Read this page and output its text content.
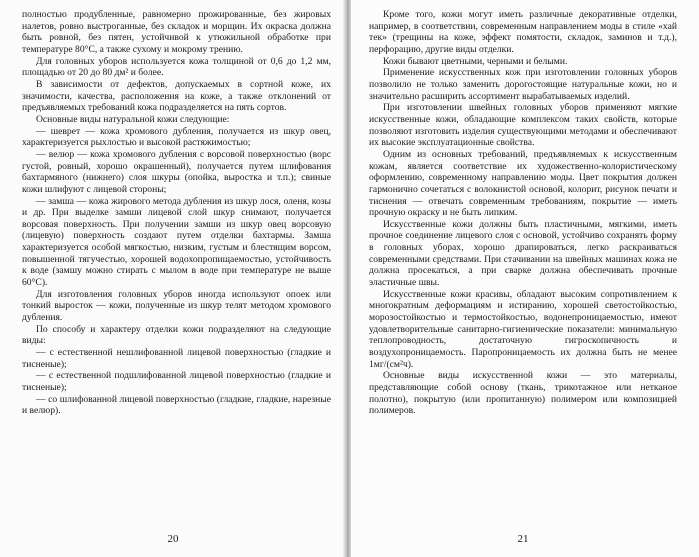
полностью продубленные, равномерно прожированные, без жировых налетов, ровно выстроганные, без складок и морщин. Их окраска должна быть ровной, без пятен, устойчивой к утюжильной обработке при температуре 80°С, а также сухому и мокрому трению.

Для головных уборов используется кожа толщиной от 0,6 до 1,2 мм, площадью от 20 до 80 дм² и более.

В зависимости от дефектов, допускаемых в сортной коже, их значимости, качества, расположения на коже, а также отклонений от предъявляемых требований кожа подразделяется на пять сортов.

Основные виды натуральной кожи следующие:

— шеврет — кожа хромового дубления, получается из шкур овец, характеризуется рыхлостью и высокой растяжимостью;

— велюр — кожа хромового дубления с ворсовой поверхностью (ворс густой, ровный, хорошо окрашенный), получается путем шлифования бахтармяного (нижнего) слоя шкуры (опойка, выростка и т.п.); свиные кожи шлифуют с лицевой стороны;

— замша — кожа жирового метода дубления из шкур лося, оленя, козы и др. При выделке замши лицевой слой шкур снимают, получается ворсовая поверхность. При получении замши из шкур овец ворсовую (лицевую) поверхность создают путем отделки бахтармы. Замша характеризуется особой мягкостью, низким, густым и блестящим ворсом, повышенной тягучестью, хорошей водохопропищаемостью, устойчивость к воде (замшу можно стирать с мылом в воде при температуре не выше 60°С).

Для изготовления головных уборов иногда используют опоек или тонкий выросток — кожи, полученные из шкур телят методом хромового дубления.

По способу и характеру отделки кожи подразделяют на следующие виды:

— с естественной нешлифованной лицевой поверхностью (гладкие и тисненые);

— с естественной подшлифованной лицевой поверхностью (гладкие и тисненые);

— со шлифованной лицевой поверхностью (гладкие, гладкие, нарезные и велюр).

20

Кроме того, кожи могут иметь различные декоративные отделки, например, в соответствии, современным направлением моды в стиле «хай тек» (трещины на коже, эффект помятости, складок, заминов и т.д.), перфорацию, другие виды отделки.

Кожи бывают цветными, черными и белыми.

Применение искусственных кож при изготовлении головных уборов позволило не только заменить дорогостоящие натуральные кожи, но и значительно расширить ассортимент вырабатываемых изделий.

При изготовлении швейных головных уборов применяют мягкие искусственные кожи, обладающие комплексом таких свойств, которые позволяют изготовить изделия существующими методами и обеспечивают их высокие эксплуатационные свойства.

Одним из основных требований, предъявляемых к искусственным кожам, является соответствие их художественно-колористическому оформлению, современному направлению моды. Цвет покрытия должен гармонично сочетаться с волокнистой основой, колорит, рисунок печати и тиснения — отвечать современным требованиям, покрытие — иметь прочную окраску и не быть липким.

Искусственные кожи должны быть пластичными, мягкими, иметь прочное соединение лицевого слоя с основой, устойчиво сохранять форму в головных уборах, хорошо драпироваться, легко раскраиваться современными средствами. При стачивании на швейных машинах кожа не должна просекаться, а при сварке должна обеспечивать прочные эластичные швы.

Искусственные кожи красивы, обладают высоким сопротивлением к многократным деформациям и истиранию, хорошей светостойкостью, морозостойкостью и термостойкостью, водонепроницаемостью, имеют удовлетворительные санитарно-гигиенические показатели: минимальную теплопроводность, достаточную гигроскопичность и воздухопроницаемость. Паропроницаемость их должна быть не менее 1мг/(см²ч).

Основные виды искусственной кожи — это материалы, представляющие собой основу (ткань, трикотажное или нетканое полотно), покрытую (или пропитанную) полимером или композицией полимеров.

21
